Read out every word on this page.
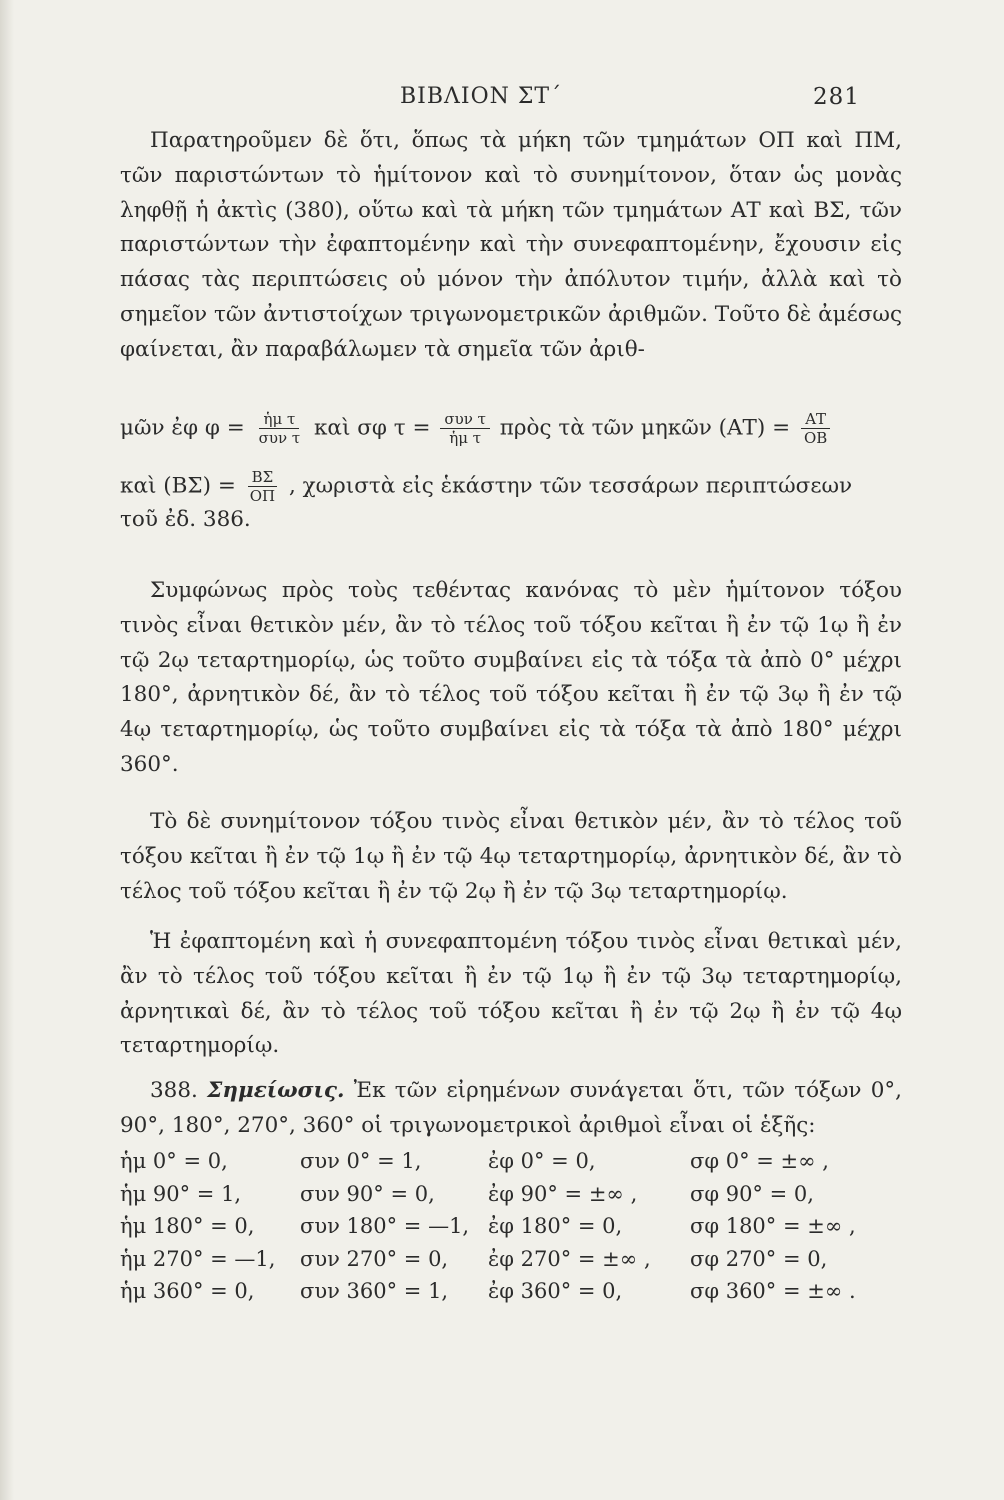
ΒΙΒΛΙΟΝ ΣΤ΄	281

Παρατηροῦμεν δὲ ὅτι, ὅπως τὰ μήκη τῶν τμημάτων ΟΠ καὶ ΠΜ, τῶν παριστώντων τὸ ἡμίτονον καὶ τὸ συνημίτονον, ὅταν ὡς μονὰς ληφθῇ ἡ ἀκτὶς (380), οὕτω καὶ τὰ μήκη τῶν τμημάτων ΑΤ καὶ ΒΣ, τῶν παριστώντων τὴν ἐφαπτομένην καὶ τὴν συνεφαπτομένην, ἔχουσιν εἰς πάσας τὰς περιπτώσεις οὐ μόνον τὴν ἀπόλυτον τιμήν, ἀλλὰ καὶ τὸ σημεῖον τῶν ἀντιστοίχων τριγωνομετρικῶν ἀριθμῶν. Τοῦτο δὲ ἀμέσως φαίνεται, ἂν παραβάλωμεν τὰ σημεῖα τῶν ἀριθ-

μῶν ἐφ $\varphi = \frac{\text{ἡμ τ}}{\text{συν τ}}$ καὶ σφ $\tau = \frac{\text{συν τ}}{\text{ἡμ τ}}$ πρὸς τὰ τῶν μηκῶν $(AT) = \frac{AT}{OB}$
καὶ $(B\Sigma) = \frac{B\Sigma}{O\Pi}$ , χωριστὰ εἰς ἑκάστην τῶν τεσσάρων περιπτώσεων
τοῦ ἐδ. 386.

Συμφώνως πρὸς τοὺς τεθέντας κανόνας τὸ μὲν ἡμίτονον τόξου τινὸς εἶναι θετικὸν μέν, ἂν τὸ τέλος τοῦ τόξου κεῖται ἢ ἐν τῷ 1ῳ ἢ ἐν τῷ 2ῳ τεταρτημορίῳ, ὡς τοῦτο συμβαίνει εἰς τὰ τόξα τὰ ἀπὸ 0° μέχρι 180°, ἀρνητικὸν δέ, ἂν τὸ τέλος τοῦ τόξου κεῖται ἢ ἐν τῷ 3ῳ ἢ ἐν τῷ 4ῳ τεταρτημορίῳ, ὡς τοῦτο συμβαίνει εἰς τὰ τόξα τὰ ἀπὸ 180° μέχρι 360°.

Τὸ δὲ συνημίτονον τόξου τινὸς εἶναι θετικὸν μέν, ἂν τὸ τέλος τοῦ τόξου κεῖται ἢ ἐν τῷ 1ῳ ἢ ἐν τῷ 4ῳ τεταρτημορίῳ, ἀρνητικὸν δέ, ἂν τὸ τέλος τοῦ τόξου κεῖται ἢ ἐν τῷ 2ῳ ἢ ἐν τῷ 3ῳ τεταρτημορίῳ.

Ἡ ἐφαπτομένη καὶ ἡ συνεφαπτομένη τόξου τινὸς εἶναι θετικαὶ μέν, ἂν τὸ τέλος τοῦ τόξου κεῖται ἢ ἐν τῷ 1ῳ ἢ ἐν τῷ 3ῳ τεταρτημορίῳ, ἀρνητικαὶ δέ, ἂν τὸ τέλος τοῦ τόξου κεῖται ἢ ἐν τῷ 2ῳ ἢ ἐν τῷ 4ῳ τεταρτημορίῳ.

388. Σημείωσις. Ἐκ τῶν εἰρημένων συνάγεται ὅτι, τῶν τόξων 0°, 90°, 180°, 270°, 360° οἱ τριγωνομετρικοὶ ἀριθμοὶ εἶναι οἱ ἑξῆς:

ἡμ 0° = 0,	συν 0° = 1,	ἐφ 0° = 0,	σφ 0° = ±∞ ,
ἡμ 90° = 1,	συν 90° = 0,	ἐφ 90° = ±∞ ,	σφ 90° = 0,
ἡμ 180° = 0, συν 180° = —1, ἐφ 180° = 0,	σφ 180° = ±∞ ,
ἡμ 270° = —1, συν 270° = 0, ἐφ 270° = ±∞ , σφ 270° = 0,
ἡμ 360° = 0, συν 360° = 1, ἐφ 360° = 0,	σφ 360° = ±∞ .
